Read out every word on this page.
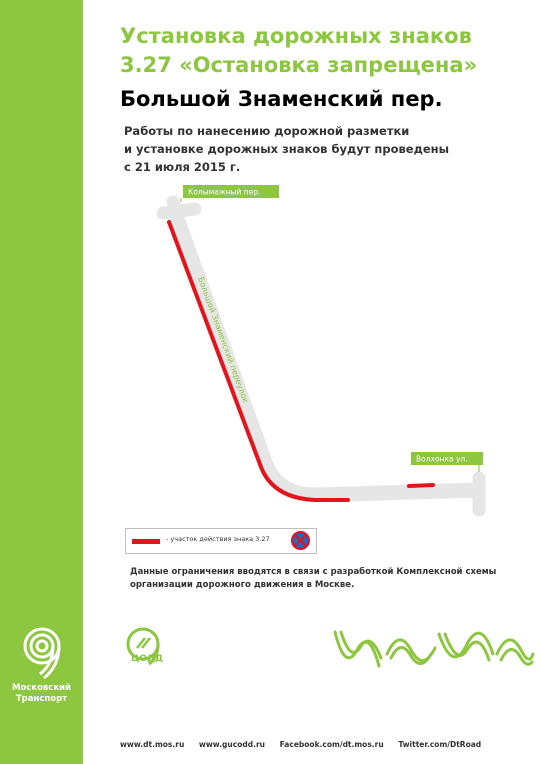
Московский
Транспорт
Установка дорожных знаков
3.27 «Остановка запрещена»
Большой Знаменский пер.
Работы по нанесению дорожной разметки
и установке дорожных знаков будут проведены
с 21 июля 2015 г.
Колымажный пер.
Волхонка ул.
Большой Знаменский переулок
- участок действия знака 3.27
Данные ограничения вводятся в связи с разработкой Комплексной схемы
организации дорожного движения в Москве.
ЦОДД
www.dt.mos.ru www.gucodd.ru Facebook.com/dt.mos.ru Twitter.com/DtRoad
